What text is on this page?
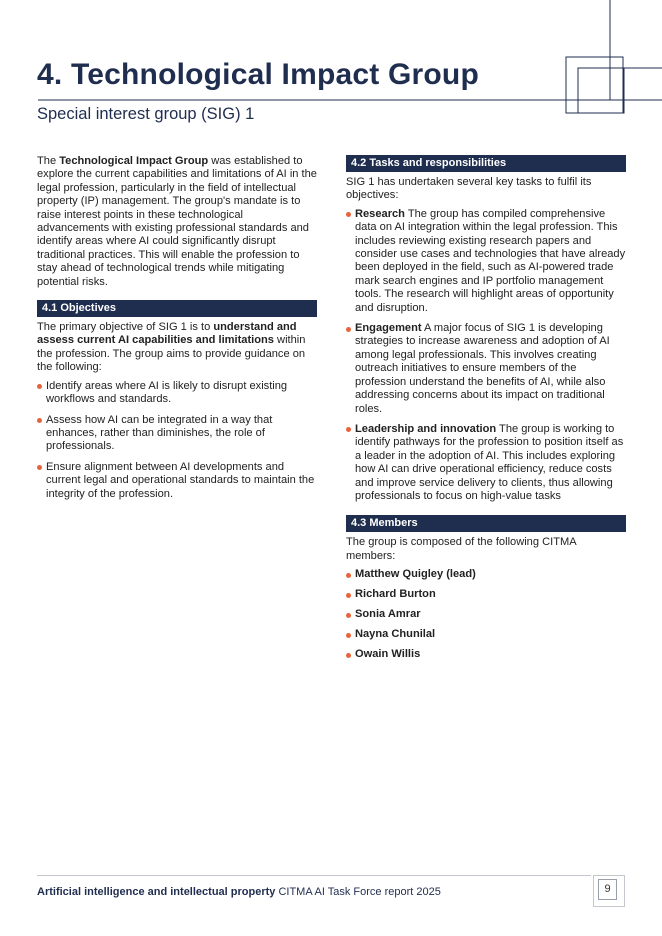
4. Technological Impact Group
Special interest group (SIG) 1

The Technological Impact Group was established to explore the current capabilities and limitations of AI in the legal profession, particularly in the field of intellectual property (IP) management. The group's mandate is to raise interest points in these technological advancements with existing professional standards and identify areas where AI could significantly disrupt traditional practices. This will enable the profession to stay ahead of technological trends while mitigating potential risks.

4.1 Objectives

The primary objective of SIG 1 is to understand and assess current AI capabilities and limitations within the profession. The group aims to provide guidance on the following:

Identify areas where AI is likely to disrupt existing workflows and standards.
Assess how AI can be integrated in a way that enhances, rather than diminishes, the role of professionals.
Ensure alignment between AI developments and current legal and operational standards to maintain the integrity of the profession.
4.2 Tasks and responsibilities

SIG 1 has undertaken several key tasks to fulfil its objectives:

Research The group has compiled comprehensive data on AI integration within the legal profession. This includes reviewing existing research papers and consider use cases and technologies that have already been deployed in the field, such as AI-powered trade mark search engines and IP portfolio management tools. The research will highlight areas of opportunity and disruption.
Engagement A major focus of SIG 1 is developing strategies to increase awareness and adoption of AI among legal professionals. This involves creating outreach initiatives to ensure members of the profession understand the benefits of AI, while also addressing concerns about its impact on traditional roles.
Leadership and innovation The group is working to identify pathways for the profession to position itself as a leader in the adoption of AI. This includes exploring how AI can drive operational efficiency, reduce costs and improve service delivery to clients, thus allowing professionals to focus on high-value tasks
4.3 Members

The group is composed of the following CITMA members:

Matthew Quigley (lead)
Richard Burton
Sonia Amrar
Nayna Chunilal
Owain Willis
Artificial intelligence and intellectual property CITMA AI Task Force report 2025	9
